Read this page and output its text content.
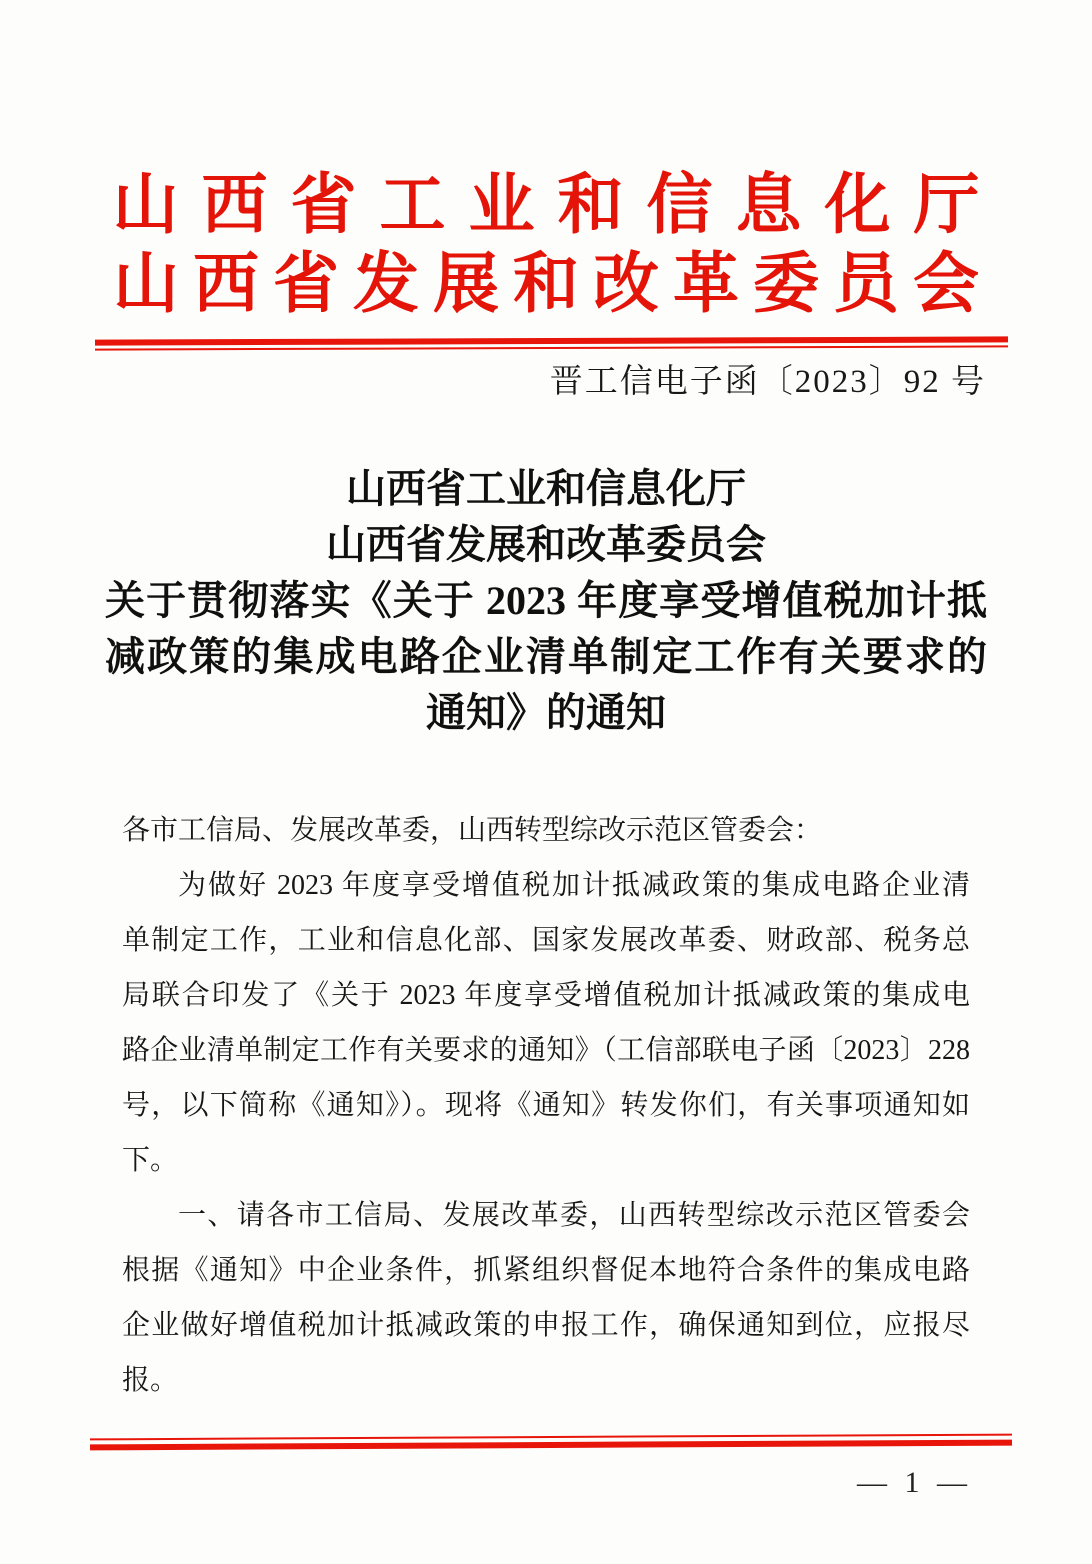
山西省工业和信息化厅
山西省发展和改革委员会
晋工信电子函〔2023〕92 号
山西省工业和信息化厅
山西省发展和改革委员会
关于贯彻落实《关于 2023 年度享受增值税加计抵
减政策的集成电路企业清单制定工作有关要求的
通知》的通知
各市工信局、发展改革委，山西转型综改示范区管委会：
为做好 2023 年度享受增值税加计抵减政策的集成电路企业清
单制定工作，工业和信息化部、国家发展改革委、财政部、税务总
局联合印发了《关于 2023 年度享受增值税加计抵减政策的集成电
路企业清单制定工作有关要求的通知》（工信部联电子函〔2023〕228
号，以下简称《通知》）。现将《通知》转发你们，有关事项通知如
下。
一、请各市工信局、发展改革委，山西转型综改示范区管委会
根据《通知》中企业条件，抓紧组织督促本地符合条件的集成电路
企业做好增值税加计抵减政策的申报工作，确保通知到位，应报尽
报。
— 1 —
